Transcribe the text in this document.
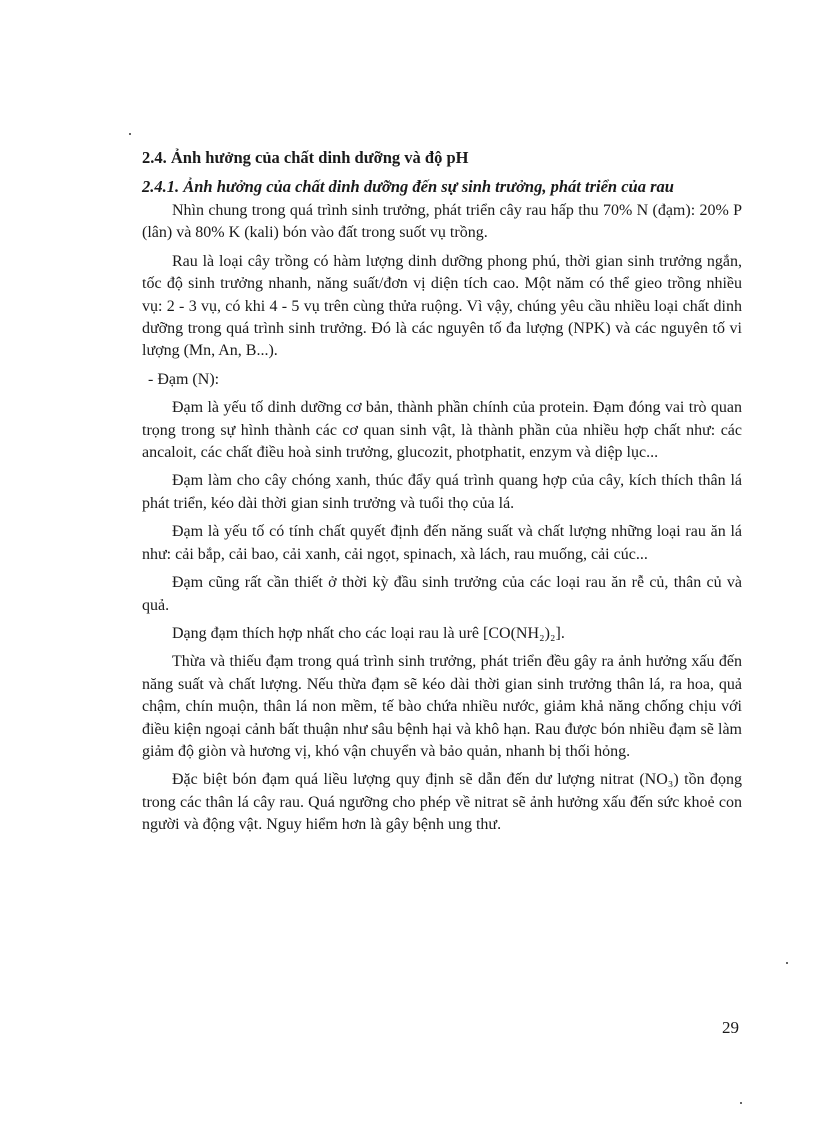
2.4. Ảnh hưởng của chất dinh dưỡng và độ pH
2.4.1. Ảnh hưởng của chất dinh dưỡng đến sự sinh trưởng, phát triển của rau

Nhìn chung trong quá trình sinh trưởng, phát triển cây rau hấp thu 70% N (đạm): 20% P (lân) và 80% K (kali) bón vào đất trong suốt vụ trồng.

Rau là loại cây trồng có hàm lượng dinh dưỡng phong phú, thời gian sinh trưởng ngắn, tốc độ sinh trưởng nhanh, năng suất/đơn vị diện tích cao. Một năm có thể gieo trồng nhiều vụ: 2 - 3 vụ, có khi 4 - 5 vụ trên cùng thửa ruộng. Vì vậy, chúng yêu cầu nhiều loại chất dinh dưỡng trong quá trình sinh trưởng. Đó là các nguyên tố đa lượng (NPK) và các nguyên tố vi lượng (Mn, An, B...).

- Đạm (N):

Đạm là yếu tố dinh dưỡng cơ bản, thành phần chính của protein. Đạm đóng vai trò quan trọng trong sự hình thành các cơ quan sinh vật, là thành phần của nhiều hợp chất như: các ancaloit, các chất điều hoà sinh trưởng, glucozit, photphatit, enzym và diệp lục...

Đạm làm cho cây chóng xanh, thúc đẩy quá trình quang hợp của cây, kích thích thân lá phát triển, kéo dài thời gian sinh trưởng và tuổi thọ của lá.

Đạm là yếu tố có tính chất quyết định đến năng suất và chất lượng những loại rau ăn lá như: cải bắp, cải bao, cải xanh, cải ngọt, spinach, xà lách, rau muống, cải cúc...

Đạm cũng rất cần thiết ở thời kỳ đầu sinh trưởng của các loại rau ăn rễ củ, thân củ và quả.

Dạng đạm thích hợp nhất cho các loại rau là urê [CO(NH₂)₂].

Thừa và thiếu đạm trong quá trình sinh trưởng, phát triển đều gây ra ảnh hưởng xấu đến năng suất và chất lượng. Nếu thừa đạm sẽ kéo dài thời gian sinh trưởng thân lá, ra hoa, quả chậm, chín muộn, thân lá non mềm, tế bào chứa nhiều nước, giảm khả năng chống chịu với điều kiện ngoại cảnh bất thuận như sâu bệnh hại và khô hạn. Rau được bón nhiều đạm sẽ làm giảm độ giòn và hương vị, khó vận chuyển và bảo quản, nhanh bị thối hỏng.

Đặc biệt bón đạm quá liều lượng quy định sẽ dẫn đến dư lượng nitrat (NO₃) tồn đọng trong các thân lá cây rau. Quá ngưỡng cho phép về nitrat sẽ ảnh hưởng xấu đến sức khoẻ con người và động vật. Nguy hiểm hơn là gây bệnh ung thư.

29
